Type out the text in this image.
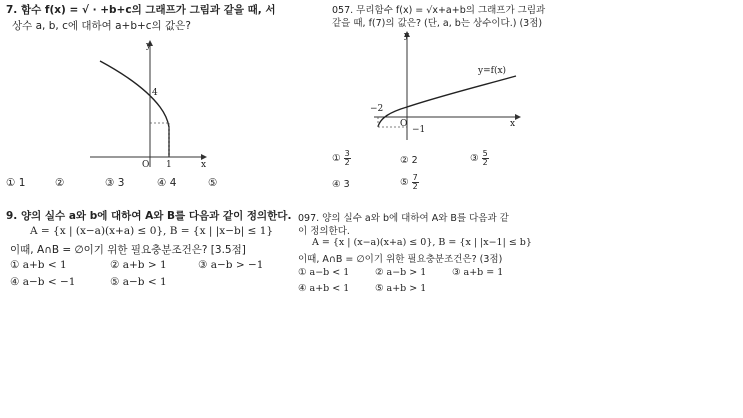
7. 함수 f(x) = √ · +b+c의 그래프가 그림과 같을 때, 서
상수 a, b, c에 대하여 a+b+c의 값은?
y
x
4
O 1
① 1	②	③ 3	④ 4	⑤
057. 무리함수 f(x) = √x+a+b의 그래프가 그림과
같을 때, f(7)의 값은? (단, a, b는 상수이다.) (3점)
y
x
y=f(x)
−2
O
−1
① $\frac{3}{2}$	② 2	③ $\frac{5}{2}$
④ 3	⑤ $\frac{7}{2}$
9. 양의 실수 a와 b에 대하여 A와 B를 다음과 같이 정의한다.
A = {x | (x−a)(x+a) ≤ 0}, B = {x | |x−b| ≤ 1}
이때, A∩B = ∅이기 위한 필요충분조건은? [3.5점]
① a+b < 1	② a+b > 1	③ a−b > −1
④ a−b < −1	⑤ a−b < 1
097. 양의 실수 a와 b에 대하여 A와 B를 다음과 같
이 정의한다.
A = {x | (x−a)(x+a) ≤ 0}, B = {x | |x−1| ≤ b}
이때, A∩B = ∅이기 위한 필요충분조건은? (3점)
① a−b < 1	② a−b > 1	③ a+b = 1
④ a+b < 1	⑤ a+b > 1
